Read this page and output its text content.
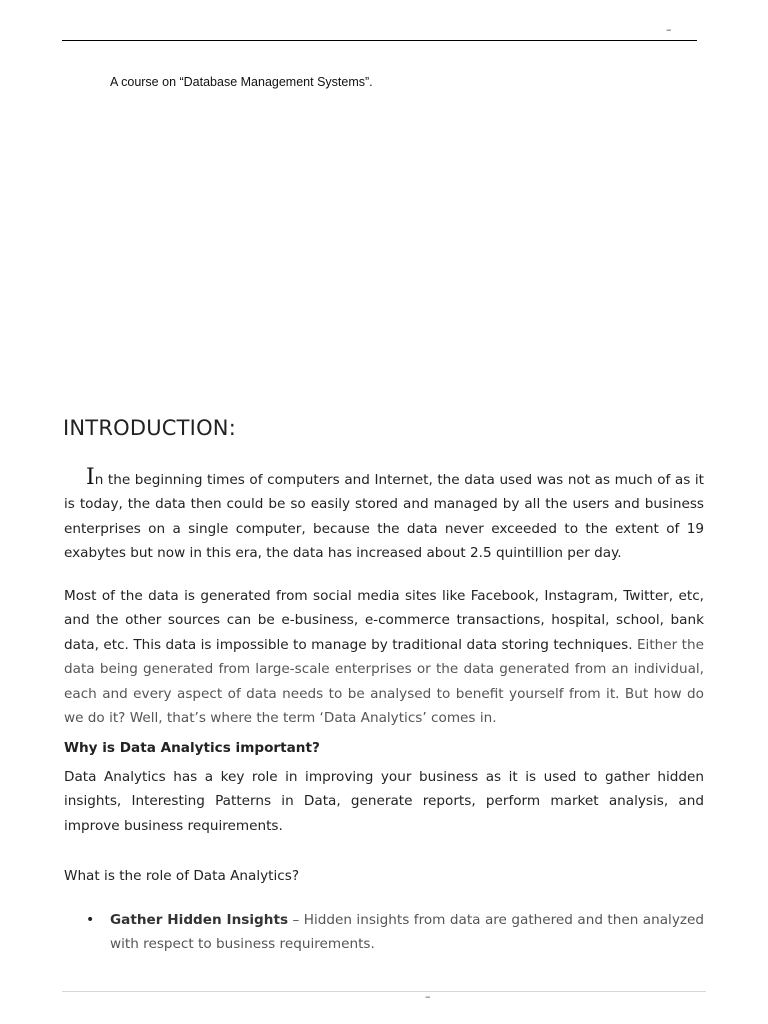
–
A course on “Database Management Systems”.
INTRODUCTION:
In the beginning times of computers and Internet, the data used was not as much of as it is today, the data then could be so easily stored and managed by all the users and business enterprises on a single computer, because the data never exceeded to the extent of 19 exabytes but now in this era, the data has increased about 2.5 quintillion per day.
Most of the data is generated from social media sites like Facebook, Instagram, Twitter, etc, and the other sources can be e-business, e-commerce transactions, hospital, school, bank data, etc. This data is impossible to manage by traditional data storing techniques. Either the data being generated from large-scale enterprises or the data generated from an individual, each and every aspect of data needs to be analysed to benefit yourself from it. But how do we do it? Well, that’s where the term ‘Data Analytics’ comes in.
Why is Data Analytics important?
Data Analytics has a key role in improving your business as it is used to gather hidden insights, Interesting Patterns in Data, generate reports, perform market analysis, and improve business requirements.
What is the role of Data Analytics?
• Gather Hidden Insights – Hidden insights from data are gathered and then analyzed with respect to business requirements.
–
